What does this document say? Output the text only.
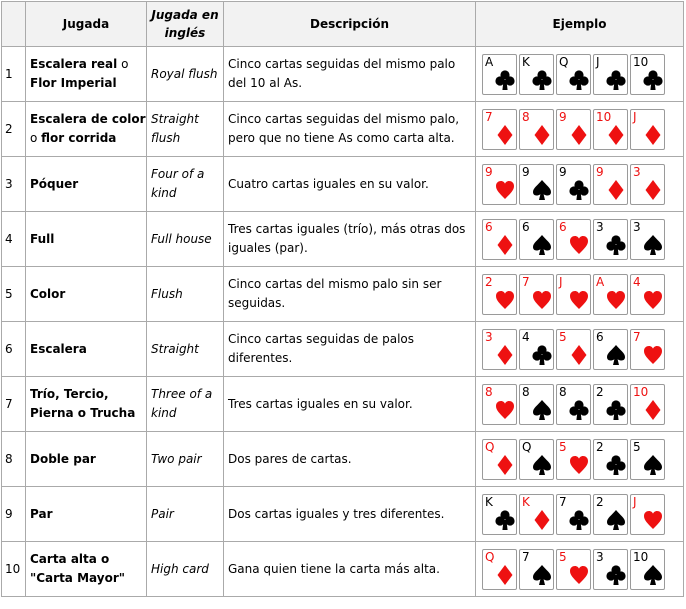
	Jugada	Jugada en inglés	Descripción	Ejemplo
1	Escalera real o Flor Imperial	Royal flush	Cinco cartas seguidas del mismo palo del 10 al As.	A K Q J 10

2	Escalera de color o flor corrida	Straight flush	Cinco cartas seguidas del mismo palo, pero que no tiene As como carta alta.	7 8 9 10 J

3	Póquer	Four of a kind	Cuatro cartas iguales en su valor.	9 9 9 9 3

4	Full	Full house	Tres cartas iguales (trío), más otras dos iguales (par).	6 6 6 3 3

5	Color	Flush	Cinco cartas del mismo palo sin ser seguidas.	2 7 J A 4

6	Escalera	Straight	Cinco cartas seguidas de palos diferentes.	3 4 5 6 7

7	Trío, Tercio, Pierna o Trucha	Three of a kind	Tres cartas iguales en su valor.	8 8 8 2 10

8	Doble par	Two pair	Dos pares de cartas.	Q Q 5 2 5

9	Par	Pair	Dos cartas iguales y tres diferentes.	K K 7 2 J

10	Carta alta o "Carta Mayor"	High card	Gana quien tiene la carta más alta.	Q 7 5 3 10
